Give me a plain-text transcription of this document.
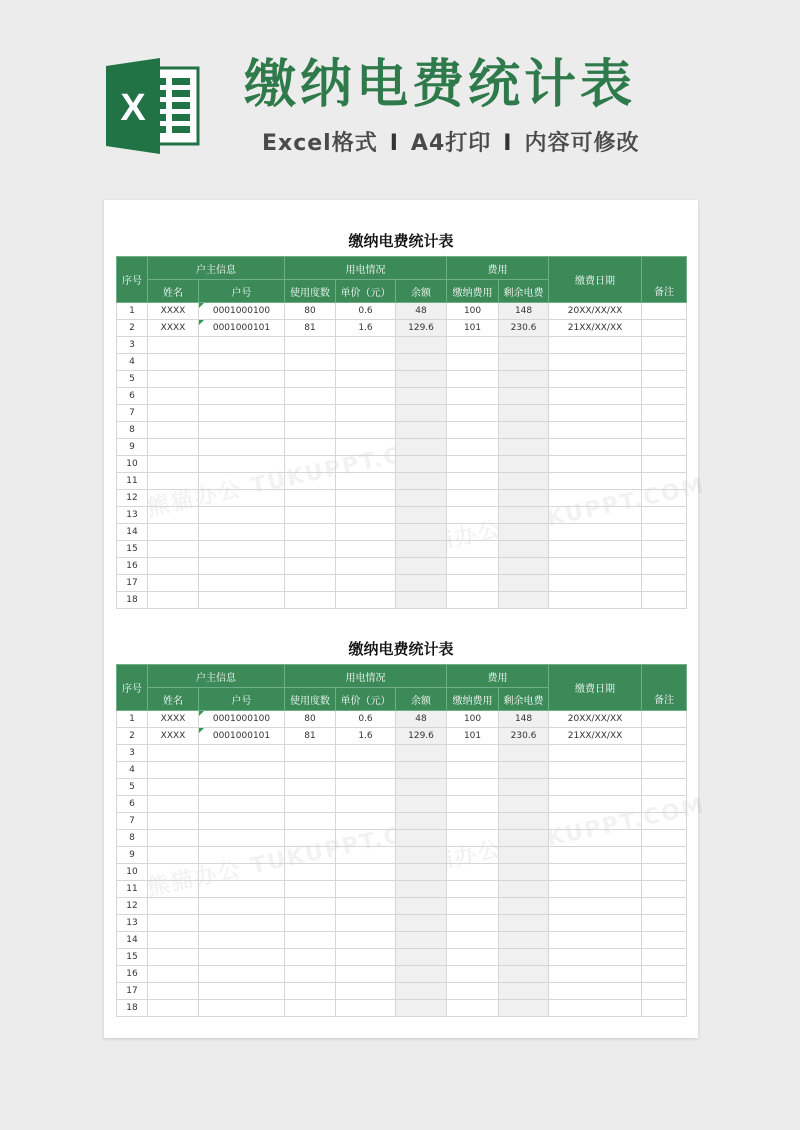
X 缴纳电费统计表
Excel格式 I A4打印 I 内容可修改
熊猫办公 TUKUPPT.COM
熊猫办公 TUKUPPT.COM
熊猫办公 TUKUPPT.COM
熊猫办公 TUKUPPT.COM
缴纳电费统计表
序号	户主信息		用电情况			费用		缴费日期	备注
	姓名	户号	使用度数	单价（元）	余额	缴纳费用	剩余电费		
1	XXXX	0001000100	80	0.6	48	100	148	20XX/XX/XX	
2	XXXX	0001000101	81	1.6	129.6	101	230.6	21XX/XX/XX	
3									
4									
5									
6									
7									
8									
9									
10									
11									
12									
13									
14									
15									
16									
17									
18									
缴纳电费统计表
序号	户主信息		用电情况			费用		缴费日期	备注
	姓名	户号	使用度数	单价（元）	余额	缴纳费用	剩余电费		
1	XXXX	0001000100	80	0.6	48	100	148	20XX/XX/XX	
2	XXXX	0001000101	81	1.6	129.6	101	230.6	21XX/XX/XX	
3									
4									
5									
6									
7									
8									
9									
10									
11									
12									
13									
14									
15									
16									
17									
18									
